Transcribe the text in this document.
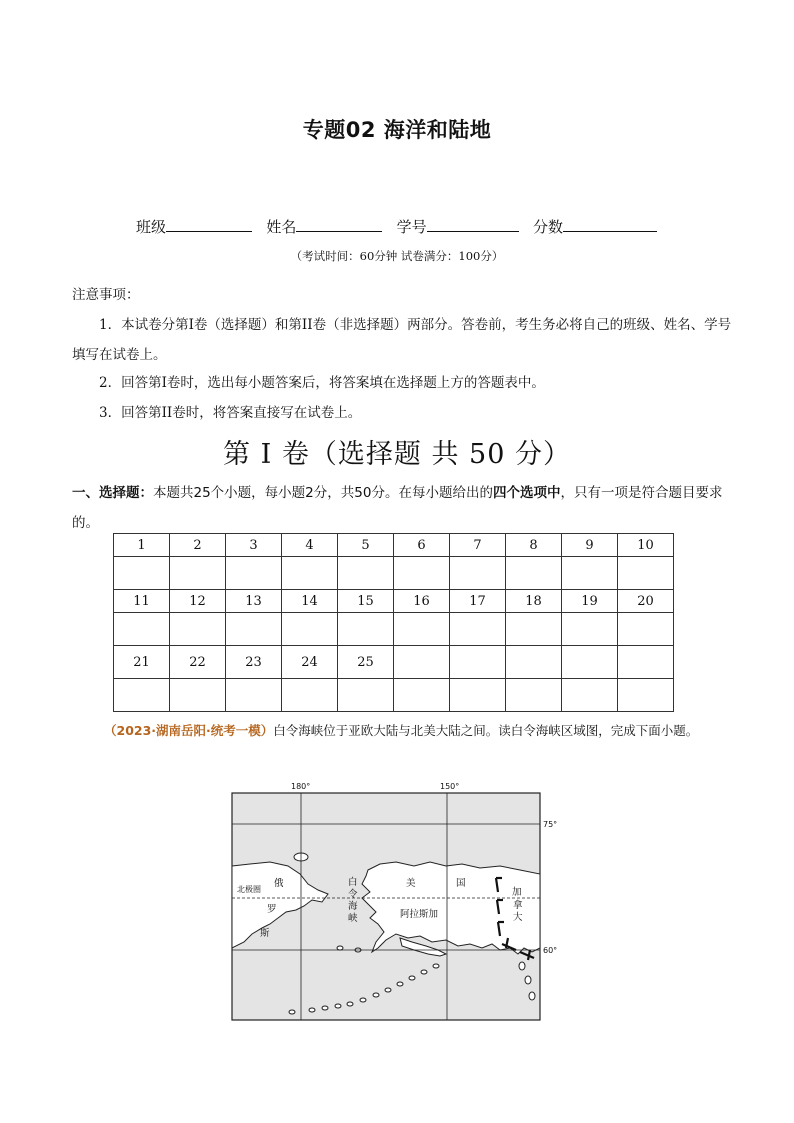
专题02 海洋和陆地
班级	姓名	学号	分数
（考试时间：60分钟 试卷满分：100分）
注意事项：
1．本试卷分第I卷（选择题）和第II卷（非选择题）两部分。答卷前，考生务必将自己的班级、姓名、学号填写在试卷上。
2．回答第I卷时，选出每小题答案后，将答案填在选择题上方的答题表中。
3．回答第II卷时，将答案直接写在试卷上。
第 I 卷（选择题 共 50 分）
一、选择题：本题共25个小题，每小题2分，共50分。在每小题给出的四个选项中，只有一项是符合题目要求的。
1	2	3	4	5	6	7	8	9	10

11	12	13	14	15	16	17	18	19	20

21	22	23	24	25					

（2023·湖南岳阳·统考一模）白令海峡位于亚欧大陆与北美大陆之间。读白令海峡区域图，完成下面小题。
180°	150°
75°
60°
北极圈
俄
罗
斯
白
令
海
峡
美	国
阿拉斯加
加
拿
大
